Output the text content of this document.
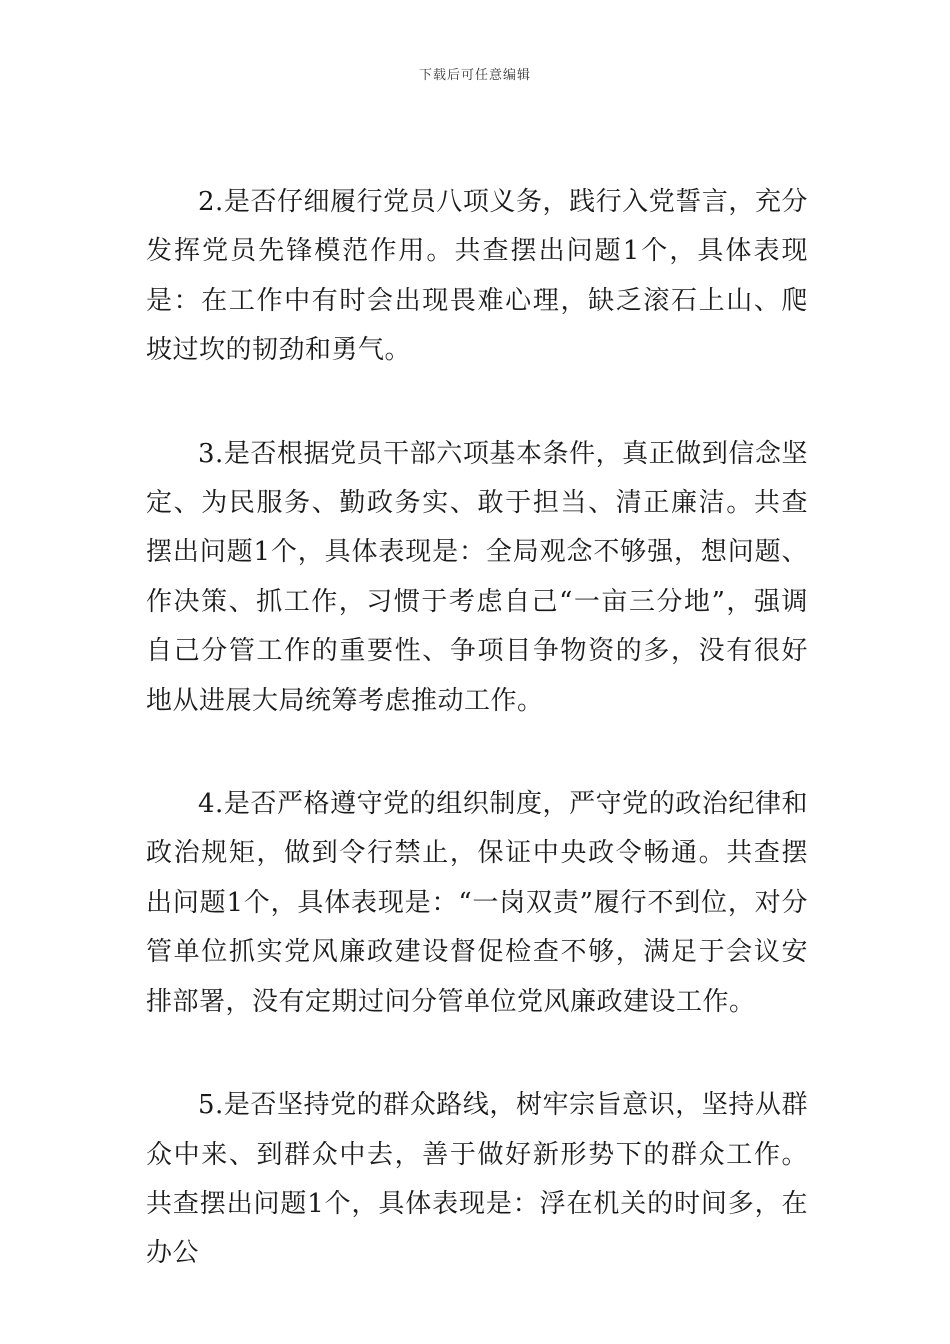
下载后可任意编辑

2.是否仔细履行党员八项义务，践行入党誓言，充分发挥党员先锋模范作用。共查摆出问题1个，具体表现是：在工作中有时会出现畏难心理，缺乏滚石上山、爬坡过坎的韧劲和勇气。

3.是否根据党员干部六项基本条件，真正做到信念坚定、为民服务、勤政务实、敢于担当、清正廉洁。共查摆出问题1个，具体表现是：全局观念不够强，想问题、作决策、抓工作，习惯于考虑自己“一亩三分地”，强调自己分管工作的重要性、争项目争物资的多，没有很好地从进展大局统筹考虑推动工作。

4.是否严格遵守党的组织制度，严守党的政治纪律和政治规矩，做到令行禁止，保证中央政令畅通。共查摆出问题1个，具体表现是：“一岗双责”履行不到位，对分管单位抓实党风廉政建设督促检查不够，满足于会议安排部署，没有定期过问分管单位党风廉政建设工作。

5.是否坚持党的群众路线，树牢宗旨意识，坚持从群众中来、到群众中去，善于做好新形势下的群众工作。共查摆出问题1个，具体表现是：浮在机关的时间多，在办公
